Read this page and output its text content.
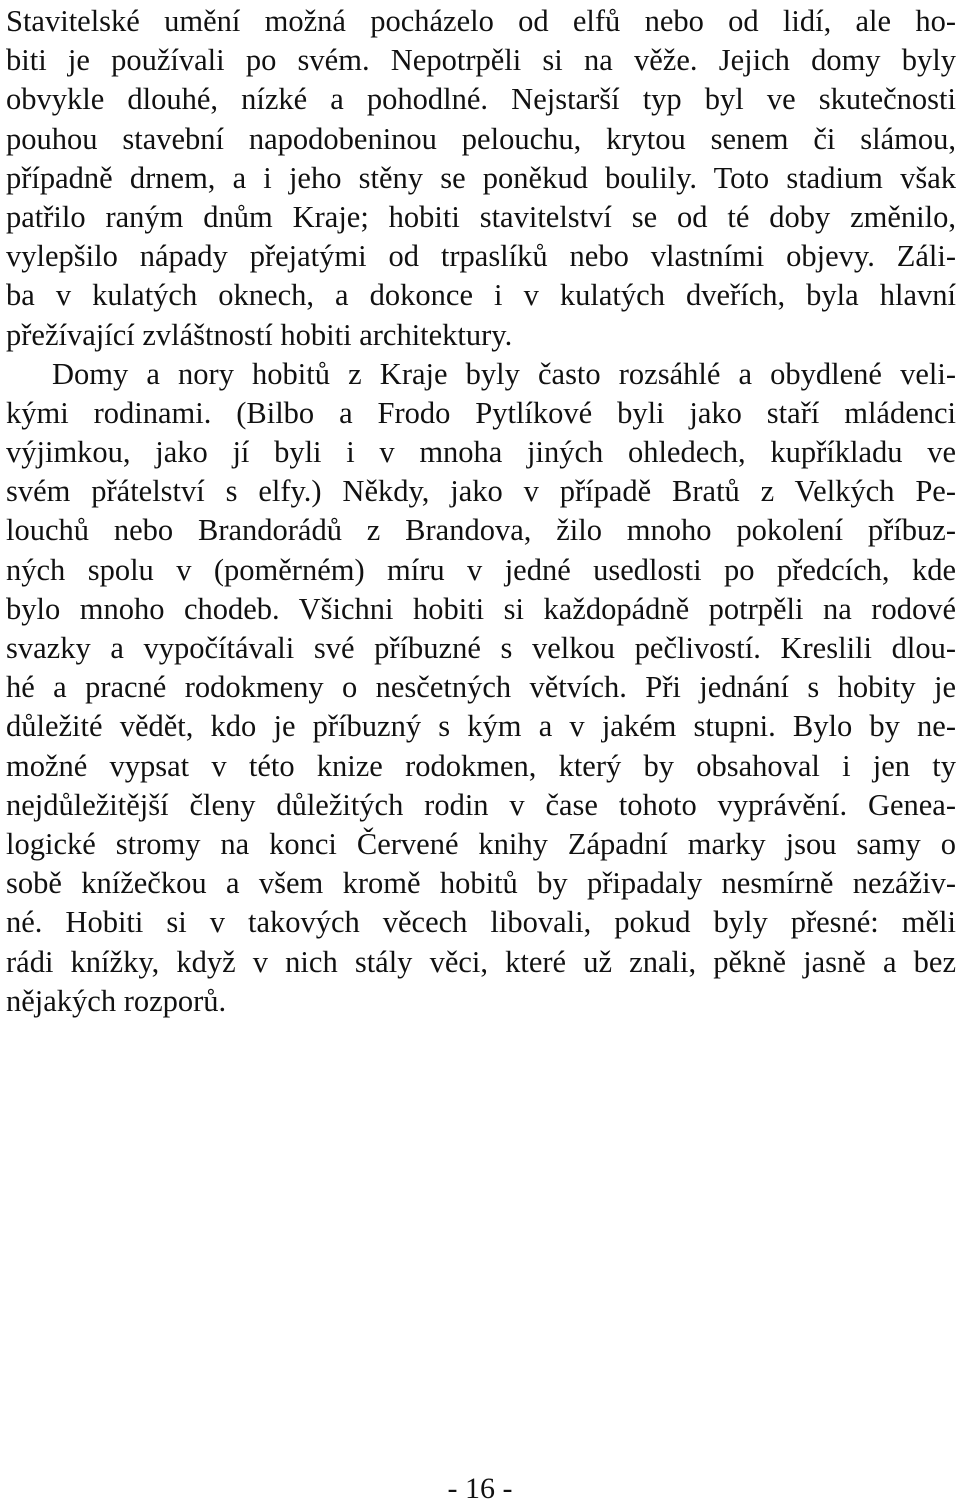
Stavitelské umění možná pocházelo od elfů nebo od lidí, ale ho-
biti je používali po svém. Nepotrpěli si na věže. Jejich domy byly
obvykle dlouhé, nízké a pohodlné. Nejstarší typ byl ve skutečnosti
pouhou stavební napodobeninou pelouchu, krytou senem či slámou,
případně drnem, a i jeho stěny se poněkud boulily. Toto stadium však
patřilo raným dnům Kraje; hobiti stavitelství se od té doby změnilo,
vylepšilo nápady přejatými od trpaslíků nebo vlastními objevy. Záli-
ba v kulatých oknech, a dokonce i v kulatých dveřích, byla hlavní
přežívající zvláštností hobiti architektury.
Domy a nory hobitů z Kraje byly často rozsáhlé a obydlené veli-
kými rodinami. (Bilbo a Frodo Pytlíkové byli jako staří mládenci
výjimkou, jako jí byli i v mnoha jiných ohledech, kupříkladu ve
svém přátelství s elfy.) Někdy, jako v případě Bratů z Velkých Pe-
louchů nebo Brandorádů z Brandova, žilo mnoho pokolení příbuz-
ných spolu v (poměrném) míru v jedné usedlosti po předcích, kde
bylo mnoho chodeb. Všichni hobiti si každopádně potrpěli na rodové
svazky a vypočítávali své příbuzné s velkou pečlivostí. Kreslili dlou-
hé a pracné rodokmeny o nesčetných větvích. Při jednání s hobity je
důležité vědět, kdo je příbuzný s kým a v jakém stupni. Bylo by ne-
možné vypsat v této knize rodokmen, který by obsahoval i jen ty
nejdůležitější členy důležitých rodin v čase tohoto vyprávění. Genea-
logické stromy na konci Červené knihy Západní marky jsou samy o
sobě knížečkou a všem kromě hobitů by připadaly nesmírně nezáživ-
né. Hobiti si v takových věcech libovali, pokud byly přesné: měli
rádi knížky, když v nich stály věci, které už znali, pěkně jasně a bez
nějakých rozporů.
- 16 -
